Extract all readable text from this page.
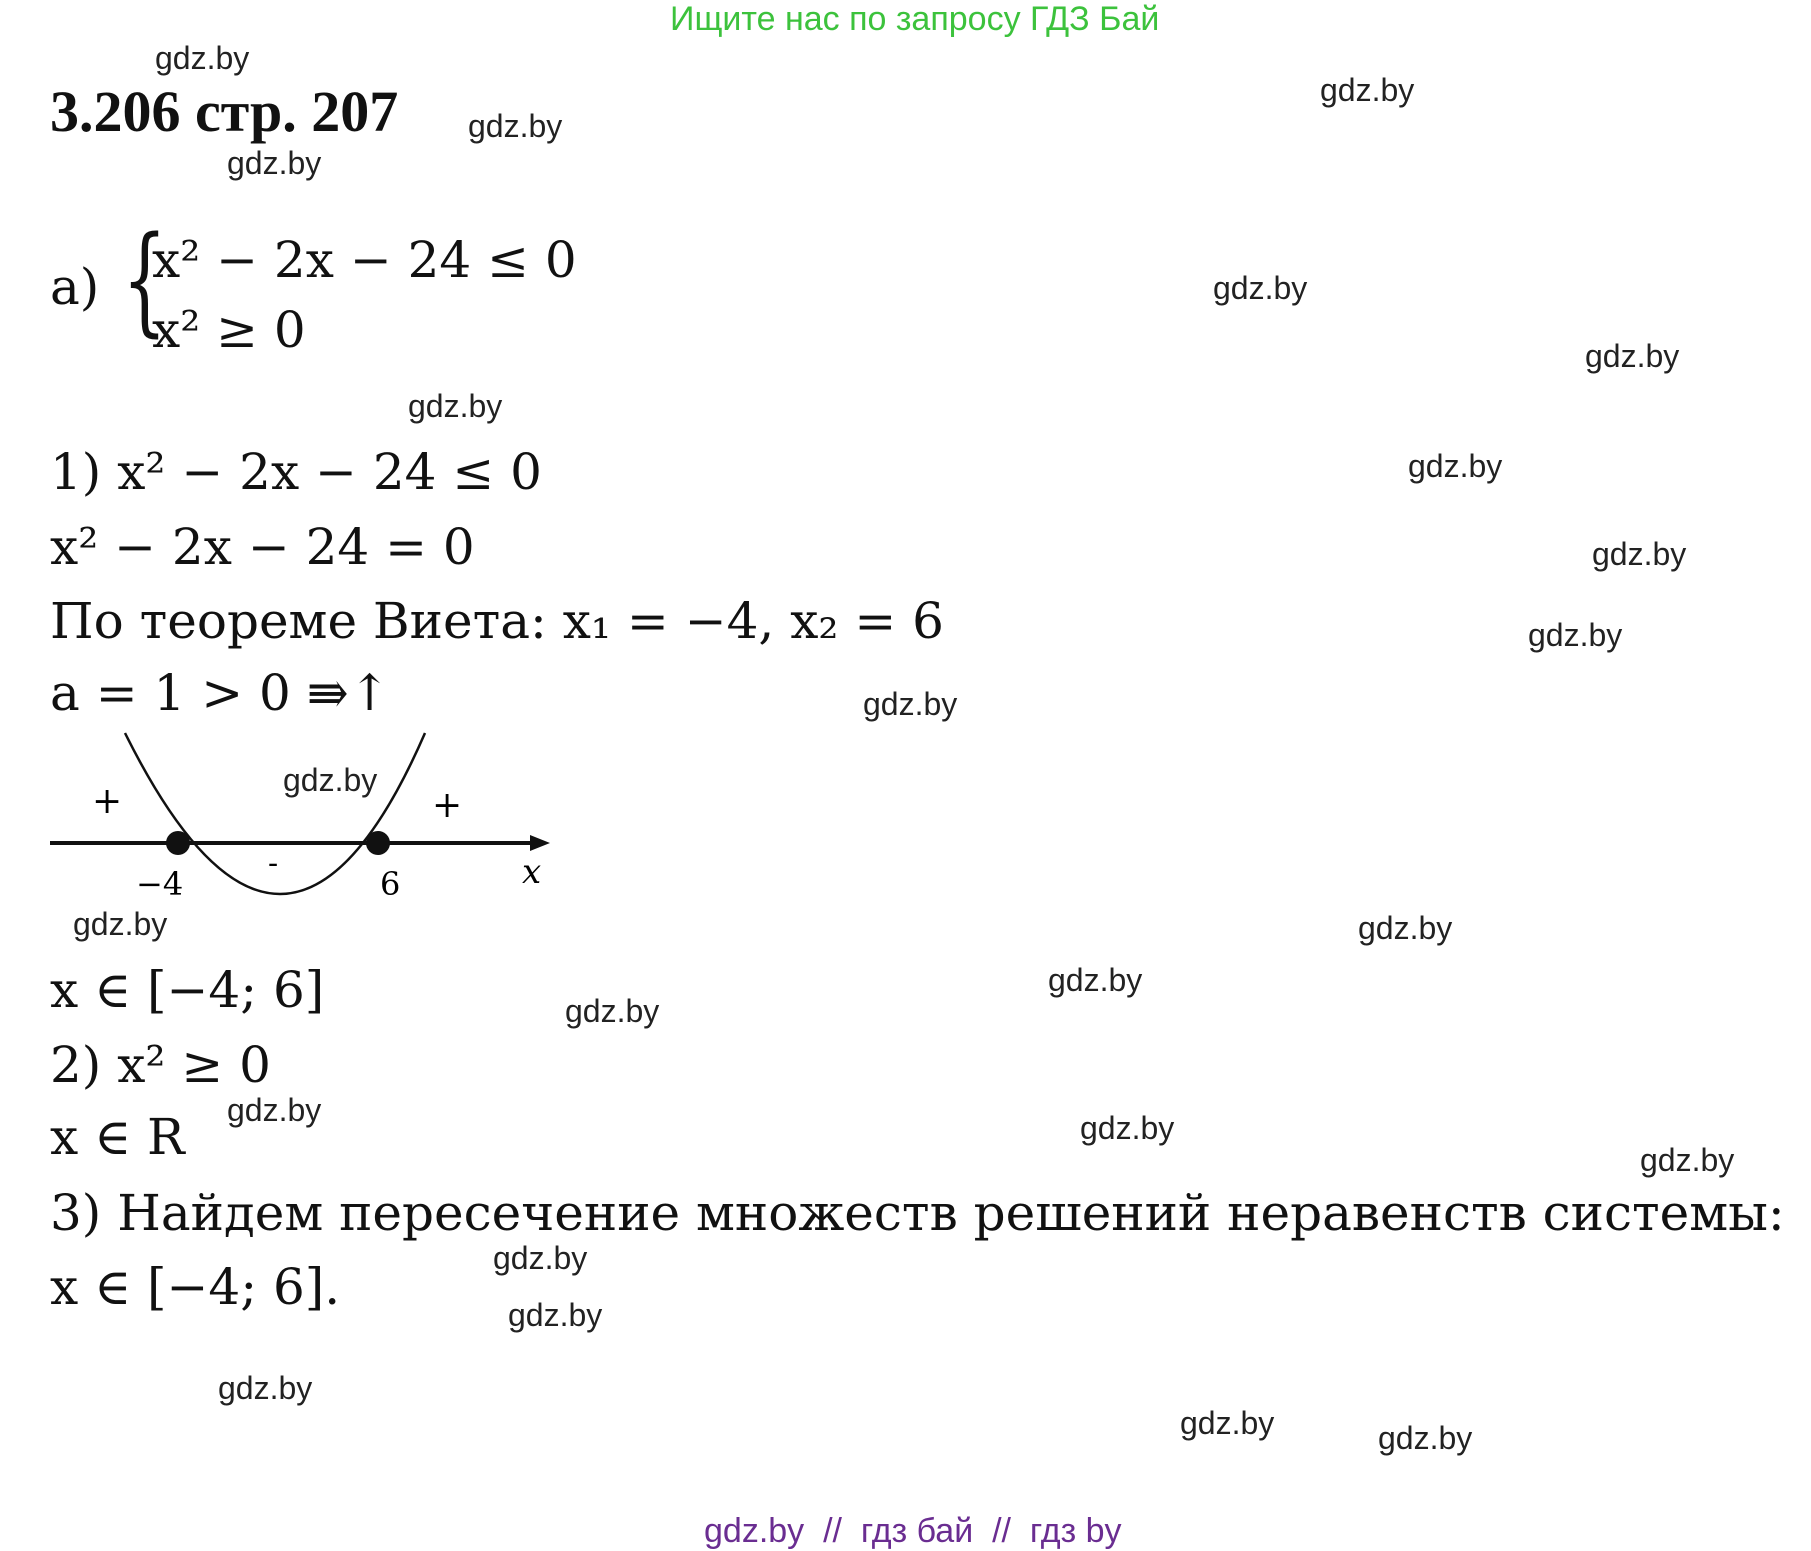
Ищите нас по запросу ГДЗ Бай
3.206 стр. 207
а) {
x² − 2x − 24 ≤ 0
x² ≥ 0
1) x² − 2x − 24 ≤ 0
x² − 2x − 24 = 0
По теореме Виета: x₁ = −4, x₂ = 6
a = 1 > 0 ⇛↑
+	+
-
−4	6	x
x ∈ [−4; 6]
2) x² ≥ 0
x ∈ R
3) Найдем пересечение множеств решений неравенств системы:
x ∈ [−4; 6].
gdz.by
gdz.by
gdz.by
gdz.by
gdz.by
gdz.by
gdz.by
gdz.by
gdz.by
gdz.by
gdz.by
gdz.by
gdz.by	gdz.by
gdz.by
gdz.by
gdz.by	gdz.by
gdz.by
gdz.by
gdz.by
gdz.by
gdz.by	gdz.by
gdz.by  //  гдз бай  //  гдз by
